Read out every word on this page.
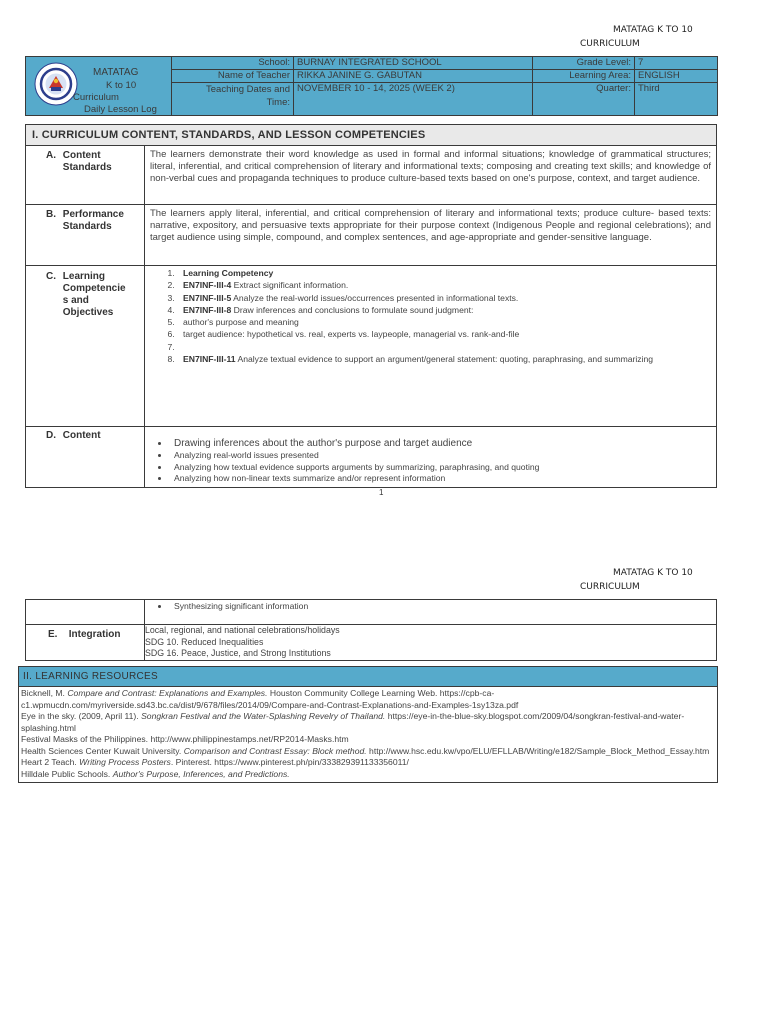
MATATAG K TO 10
CURRICULUM
MATATAG
K to 10
Curriculum
Daily Lesson Log	School:	BURNAY INTEGRATED SCHOOL	Grade Level:	7
	Name of Teacher	RIKKA JANINE G. GABUTAN	Learning Area:	ENGLISH
	Teaching Dates and
Time:	NOVEMBER 10 - 14, 2025 (WEEK 2)	Quarter:	Third
I. CURRICULUM CONTENT, STANDARDS, AND LESSON COMPETENCIES
A. Content Standards
The learners demonstrate their word knowledge as used in formal and informal situations; knowledge of grammatical structures; literal, inferential, and critical comprehension of literary and informational texts; composing and creating text skills; and knowledge of non-verbal cues and propaganda techniques to produce culture-based texts based on one's purpose, context, and target audience.
B. Performance Standards
The learners apply literal, inferential, and critical comprehension of literary and informational texts; produce culture- based texts: narrative, expository, and persuasive texts appropriate for their purpose context (Indigenous People and regional celebrations); and target audience using simple, compound, and complex sentences, and age-appropriate and gender-sensitive language.
C. Learning
Competencie
s and
Objectives
1. Learning Competency
2. EN7INF-III-4 Extract significant information.
3. EN7INF-III-5 Analyze the real-world issues/occurrences presented in informational texts.
4. EN7INF-III-8 Draw inferences and conclusions to formulate sound judgment:
5. author's purpose and meaning
6. target audience: hypothetical vs. real, experts vs. laypeople, managerial vs. rank-and-file
7.
8. EN7INF-III-11 Analyze textual evidence to support an argument/general statement: quoting, paraphrasing, and summarizing
D. Content
• Drawing inferences about the author's purpose and target audience
• Analyzing real-world issues presented
• Analyzing how textual evidence supports arguments by summarizing, paraphrasing, and quoting
• Analyzing how non-linear texts summarize and/or represent information
1
MATATAG K TO 10
CURRICULUM
• Synthesizing significant information
E. Integration	Local, regional, and national celebrations/holidays
SDG 10. Reduced Inequalities
SDG 16. Peace, Justice, and Strong Institutions
II. LEARNING RESOURCES

Bicknell, M. Compare and Contrast: Explanations and Examples. Houston Community College Learning Web. https://cpb-ca-c1.wpmucdn.com/myriverside.sd43.bc.ca/dist/9/678/files/2014/09/Compare-and-Contrast-Explanations-and-Examples-1sy13za.pdf

Eye in the sky. (2009, April 11). Songkran Festival and the Water-Splashing Revelry of Thailand. https://eye-in-the-blue-sky.blogspot.com/2009/04/songkran-festival-and-water-splashing.html

Festival Masks of the Philippines. http://www.philippinestamps.net/RP2014-Masks.htm

Health Sciences Center Kuwait University. Comparison and Contrast Essay: Block method. http://www.hsc.edu.kw/vpo/ELU/EFLLAB/Writing/e182/Sample_Block_Method_Essay.htm

Heart 2 Teach. Writing Process Posters. Pinterest. https://www.pinterest.ph/pin/333829391133356011/

Hilldale Public Schools. Author's Purpose, Inferences, and Predictions.
